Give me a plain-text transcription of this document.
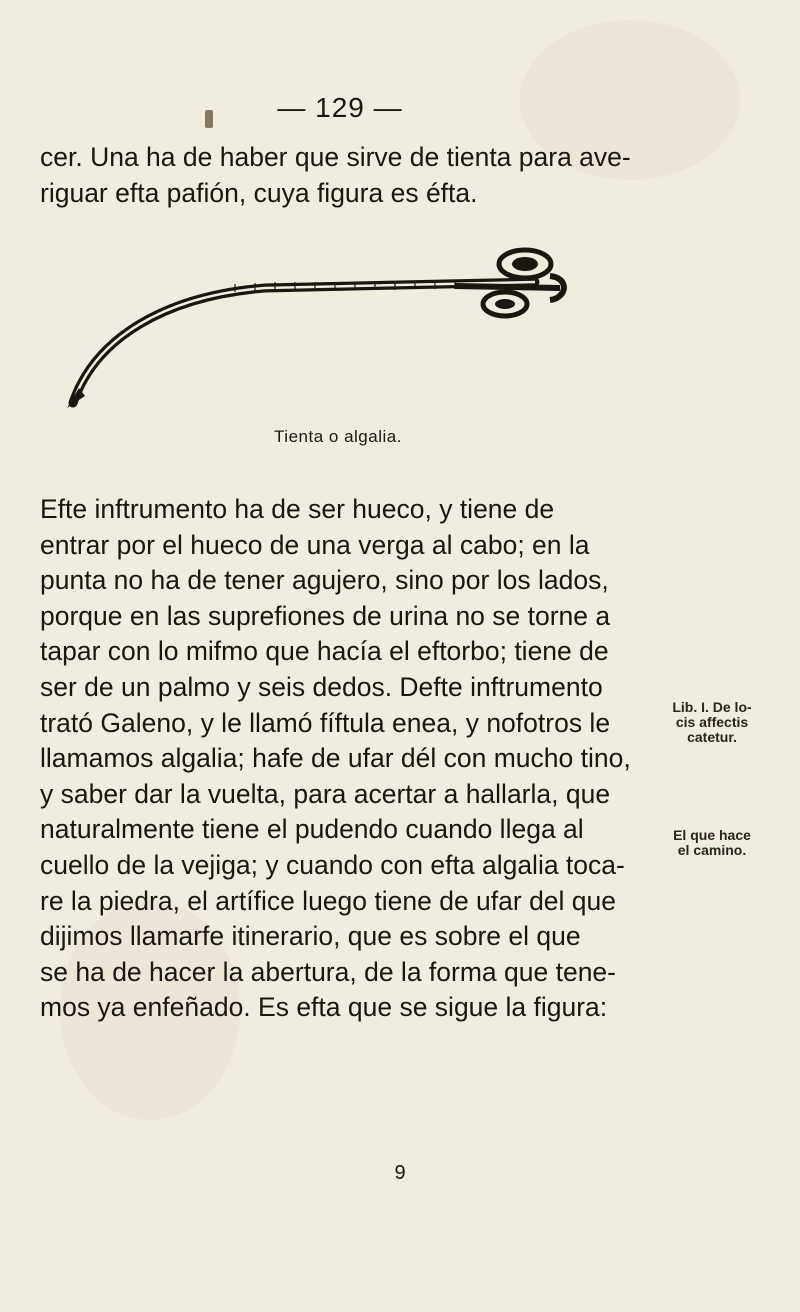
— 129 —
cer. Una ha de haber que sirve de tienta para ave-
riguar efta pafión, cuya figura es éfta.
Tienta o algalia.
Efte inftrumento ha de ser hueco, y tiene de
entrar por el hueco de una verga al cabo; en la
punta no ha de tener agujero, sino por los lados,
porque en las suprefiones de urina no se torne a
tapar con lo mifmo que hacía el eftorbo; tiene de
ser de un palmo y seis dedos. Defte inftrumento
trató Galeno, y le llamó fíftula enea, y nofotros le
llamamos algalia; hafe de ufar dél con mucho tino,
y saber dar la vuelta, para acertar a hallarla, que
naturalmente tiene el pudendo cuando llega al
cuello de la vejiga; y cuando con efta algalia toca-
re la piedra, el artífice luego tiene de ufar del que
dijimos llamarfe itinerario, que es sobre el que
se ha de hacer la abertura, de la forma que tene-
mos ya enfeñado. Es efta que se sigue la figura:
Lib. I. De lo-
cis affectis
catetur.
El que hace
el camino.
9
